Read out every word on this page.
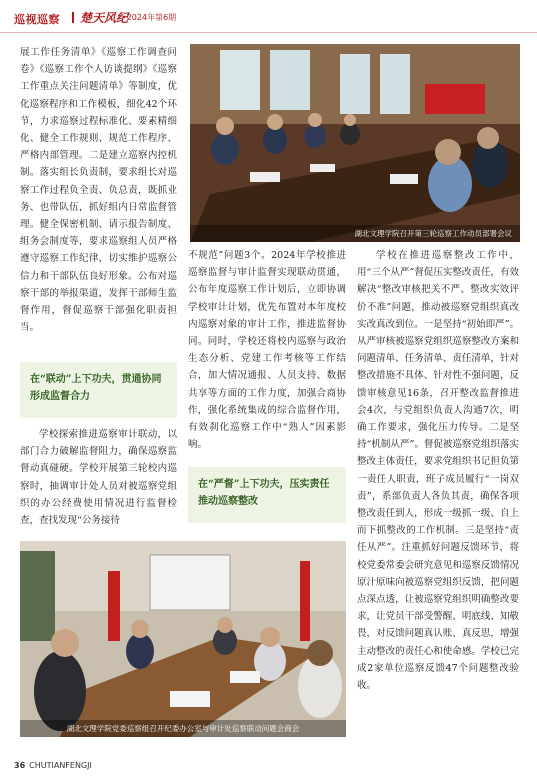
巡视巡察 楚天风纪
•2024年第6期

展工作任务清单》《巡察工作调查问卷》《巡察工作个人访谈提纲》《巡察工作重点关注问题清单》等制度，优化巡察程序和工作模板，细化42个环节，力求巡察过程标准化、要素精细化、健全工作规则、规范工作程序、严格内部管理。二是建立巡察内控机制。落实组长负责制，要求组长对巡察工作过程负全责、负总责，既抓业务、也带队伍，抓好组内日常监督管理。健全保密机制、请示报告制度、组务会制度等，要求巡察组人员严格遵守巡察工作纪律，切实维护巡察公信力和干部队伍良好形象。公布对巡察干部的举报渠道，发挥干部师生监督作用，督促巡察干部强化职责担当。

在“联动”上下功夫，贯通协同形成监督合力

学校探索推进巡察审计联动，以部门合力破解监督阻力，确保巡察监督动真碰硬。学校开展第三轮校内巡察时，抽调审计处人员对被巡察党组织的办公经费使用情况进行监督检查，查找发现“公务接待

湖北文理学院召开第三轮巡察工作动员部署会议

不规范”问题3个。2024年学校推进巡察监督与审计监督实现联动贯通，公布年度巡察工作计划后，立即协调学校审计计划，优先布置对本年度校内巡察对象的审计工作，推进监督协同。同时，学校还将校内巡察与政治生态分析、党建工作考核等工作结合，加大情况通报、人员支持、数据共享等方面的工作力度，加强合商协作，强化系统集成的综合监督作用，有效刹化巡察工作中“熟人”因素影响。

在“严督”上下功夫，压实责任推动巡察整改

学校在推进巡察整改工作中，用“三个从严”督促压实整改责任，有效解决“整改审核把关不严、整改实效评价不准”问题，推动被巡察党组织真改实改真改到位。一是坚持“初始即严”。从严审核被巡察党组织巡察整改方案和问题清单、任务清单、责任清单，针对整改措施不具体、针对性不强问题，反馈审核意见16条，召开整改监督推进会4次，与党组织负责人沟通7次，明确工作要求，强化压力传导。二是坚持“机制从严”。督促被巡察党组织落实整改主体责任，要求党组织书记担负第一责任人职责，班子成员履行“一岗双责”，系部负责人各负其责，确保各项整改责任到人，形成一级抓一级、自上而下抓整改的工作机制。三是坚持“责任从严”。注重抓好问题反馈环节，将校党委常委会研究意见和巡察反馈情况原汁原味向被巡察党组织反馈，把问题点深点透，让被巡察党组织明确整改要求，让党员干部受警醒、明底线、知敬畏，对反馈问题真认账、真反思，增强主动整改的责任心和使命感。学校已完成2家单位巡察反馈47个问题整改验收。

湖北文理学院党委巡察组召开纪委办公室与审计处巡察联动问题会商会
36 CHUTIANFENGJI
